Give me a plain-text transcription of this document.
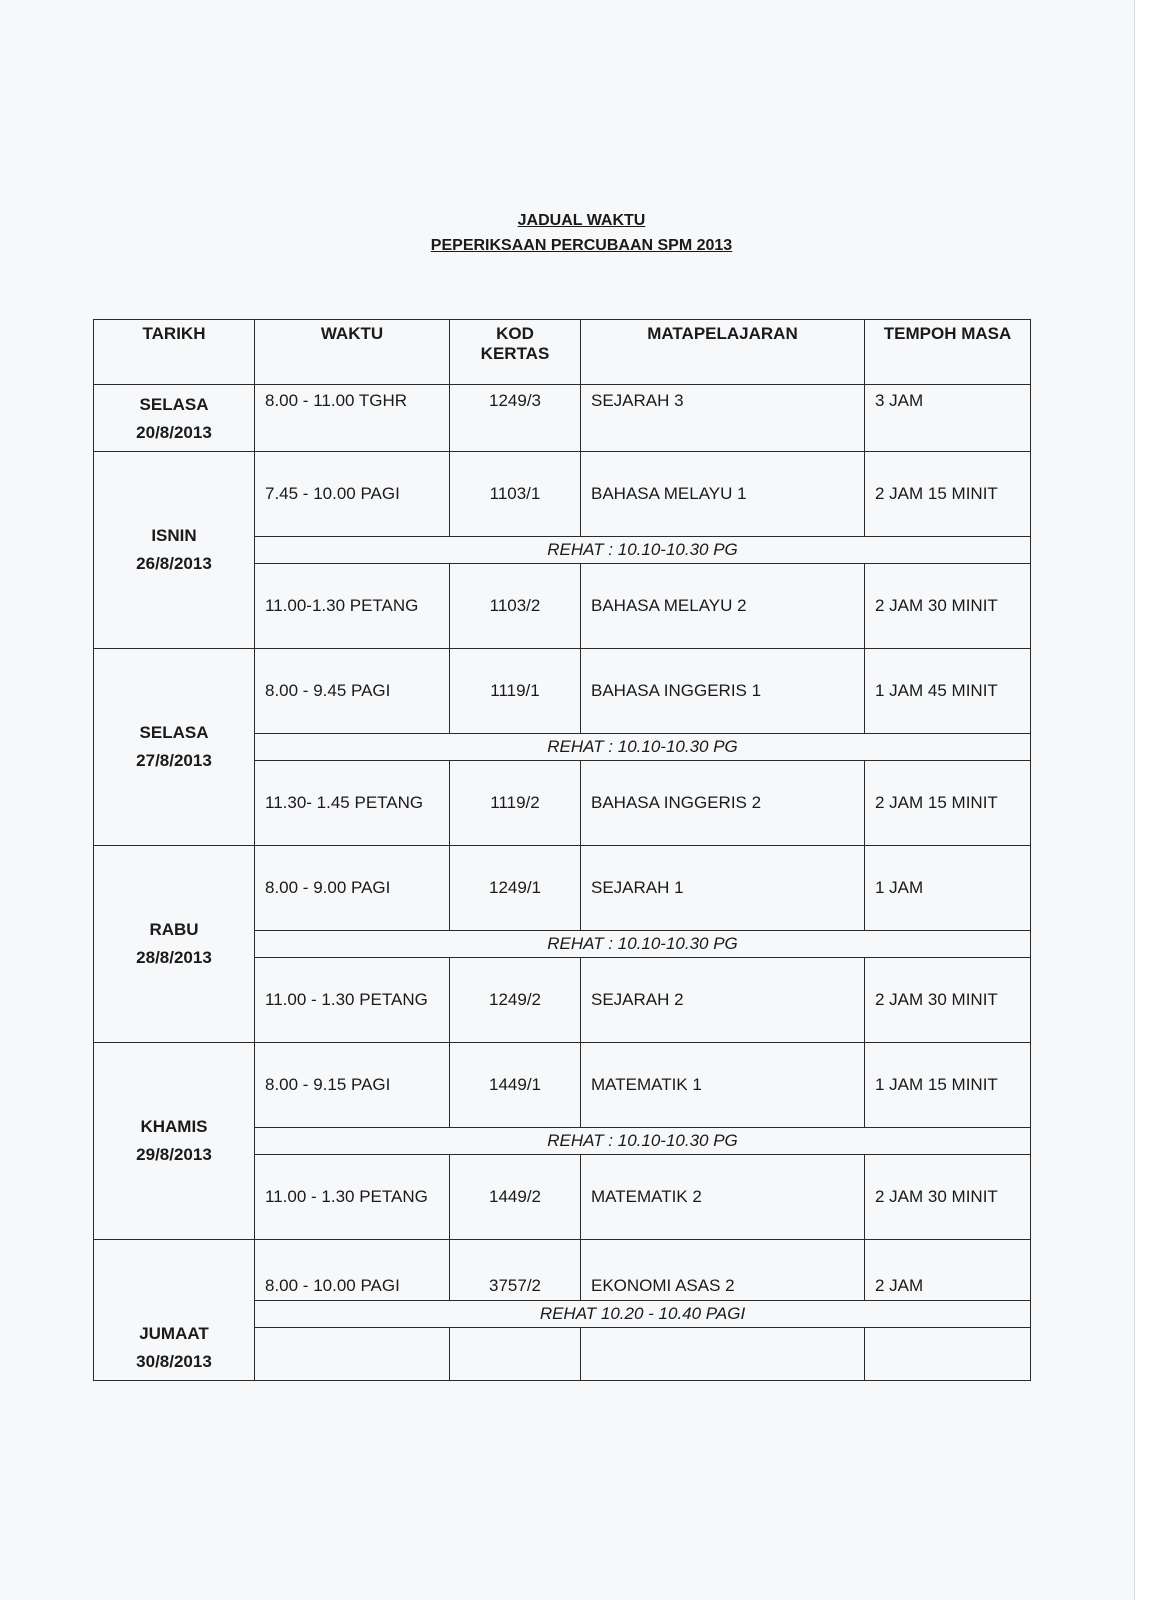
JADUAL WAKTU
PEPERIKSAAN PERCUBAAN SPM 2013
TARIKH	WAKTU	KOD KERTAS	MATAPELAJARAN	TEMPOH MASA

SELASA
20/8/2013	8.00 - 11.00 TGHR	1249/3	SEJARAH 3	3 JAM

ISNIN
26/8/2013	7.45 - 10.00 PAGI	1103/1	BAHASA MELAYU 1	2 JAM 15 MINIT
	REHAT : 10.10-10.30 PG			
	11.00-1.30 PETANG	1103/2	BAHASA MELAYU 2	2 JAM 30 MINIT

SELASA
27/8/2013	8.00 - 9.45 PAGI	1119/1	BAHASA INGGERIS 1	1 JAM 45 MINIT
	REHAT : 10.10-10.30 PG			
	11.30- 1.45 PETANG	1119/2	BAHASA INGGERIS 2	2 JAM 15 MINIT

RABU
28/8/2013	8.00 - 9.00 PAGI	1249/1	SEJARAH 1	1 JAM
	REHAT : 10.10-10.30 PG			
	11.00 - 1.30 PETANG	1249/2	SEJARAH 2	2 JAM 30 MINIT

KHAMIS
29/8/2013	8.00 - 9.15 PAGI	1449/1	MATEMATIK 1	1 JAM 15 MINIT
	REHAT : 10.10-10.30 PG			
	11.00 - 1.30 PETANG	1449/2	MATEMATIK 2	2 JAM 30 MINIT

JUMAAT
30/8/2013	8.00 - 10.00 PAGI	3757/2	EKONOMI ASAS 2	2 JAM
	REHAT 10.20 - 10.40 PAGI			
